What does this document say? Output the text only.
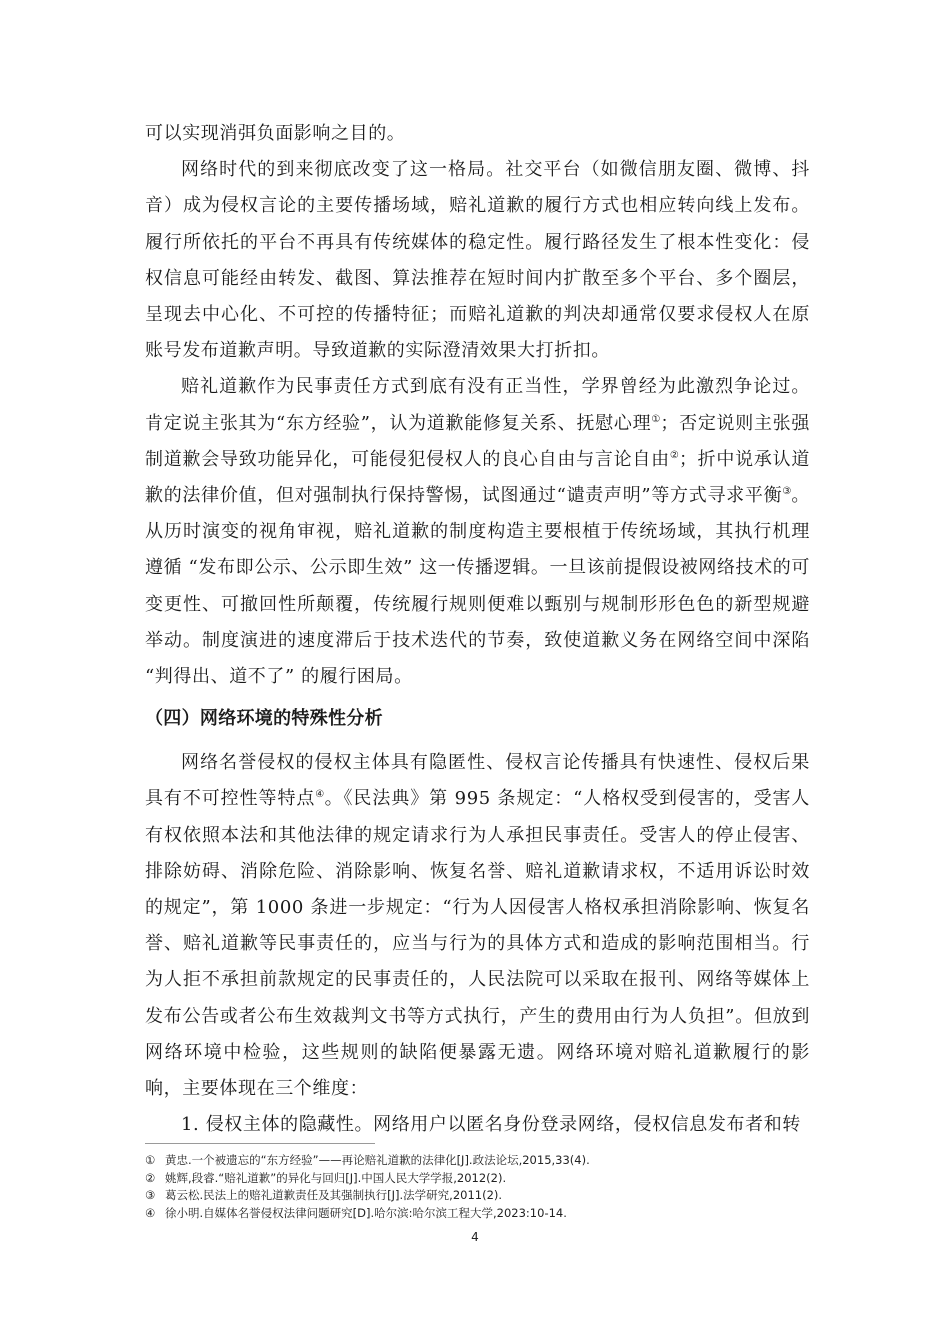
可以实现消弭负面影响之目的。

网络时代的到来彻底改变了这一格局。社交平台（如微信朋友圈、微博、抖音）成为侵权言论的主要传播场域，赔礼道歉的履行方式也相应转向线上发布。履行所依托的平台不再具有传统媒体的稳定性。履行路径发生了根本性变化：侵权信息可能经由转发、截图、算法推荐在短时间内扩散至多个平台、多个圈层，呈现去中心化、不可控的传播特征；而赔礼道歉的判决却通常仅要求侵权人在原账号发布道歉声明。导致道歉的实际澄清效果大打折扣。

赔礼道歉作为民事责任方式到底有没有正当性，学界曾经为此激烈争论过。肯定说主张其为“东方经验”，认为道歉能修复关系、抚慰心理①；否定说则主张强制道歉会导致功能异化，可能侵犯侵权人的良心自由与言论自由②；折中说承认道歉的法律价值，但对强制执行保持警惕，试图通过“谴责声明”等方式寻求平衡③。从历时演变的视角审视，赔礼道歉的制度构造主要根植于传统场域，其执行机理遵循 “发布即公示、公示即生效” 这一传播逻辑。一旦该前提假设被网络技术的可变更性、可撤回性所颠覆，传统履行规则便难以甄别与规制形形色色的新型规避举动。制度演进的速度滞后于技术迭代的节奏，致使道歉义务在网络空间中深陷 “判得出、道不了” 的履行困局。

（四）网络环境的特殊性分析

网络名誉侵权的侵权主体具有隐匿性、侵权言论传播具有快速性、侵权后果具有不可控性等特点④。《民法典》第 995 条规定：“人格权受到侵害的，受害人有权依照本法和其他法律的规定请求行为人承担民事责任。受害人的停止侵害、排除妨碍、消除危险、消除影响、恢复名誉、赔礼道歉请求权，不适用诉讼时效的规定”，第 1000 条进一步规定：“行为人因侵害人格权承担消除影响、恢复名誉、赔礼道歉等民事责任的，应当与行为的具体方式和造成的影响范围相当。行为人拒不承担前款规定的民事责任的，人民法院可以采取在报刊、网络等媒体上发布公告或者公布生效裁判文书等方式执行，产生的费用由行为人负担”。但放到网络环境中检验，这些规则的缺陷便暴露无遗。网络环境对赔礼道歉履行的影响，主要体现在三个维度：

1. 侵权主体的隐藏性。网络用户以匿名身份登录网络，侵权信息发布者和转

① 黄忠.一个被遗忘的“东方经验”——再论赔礼道歉的法律化[J].政法论坛,2015,33(4).
② 姚辉,段睿.“赔礼道歉”的异化与回归[J].中国人民大学学报,2012(2).
③ 葛云松.民法上的赔礼道歉责任及其强制执行[J].法学研究,2011(2).
④ 徐小明.自媒体名誉侵权法律问题研究[D].哈尔滨:哈尔滨工程大学,2023:10-14.
4
